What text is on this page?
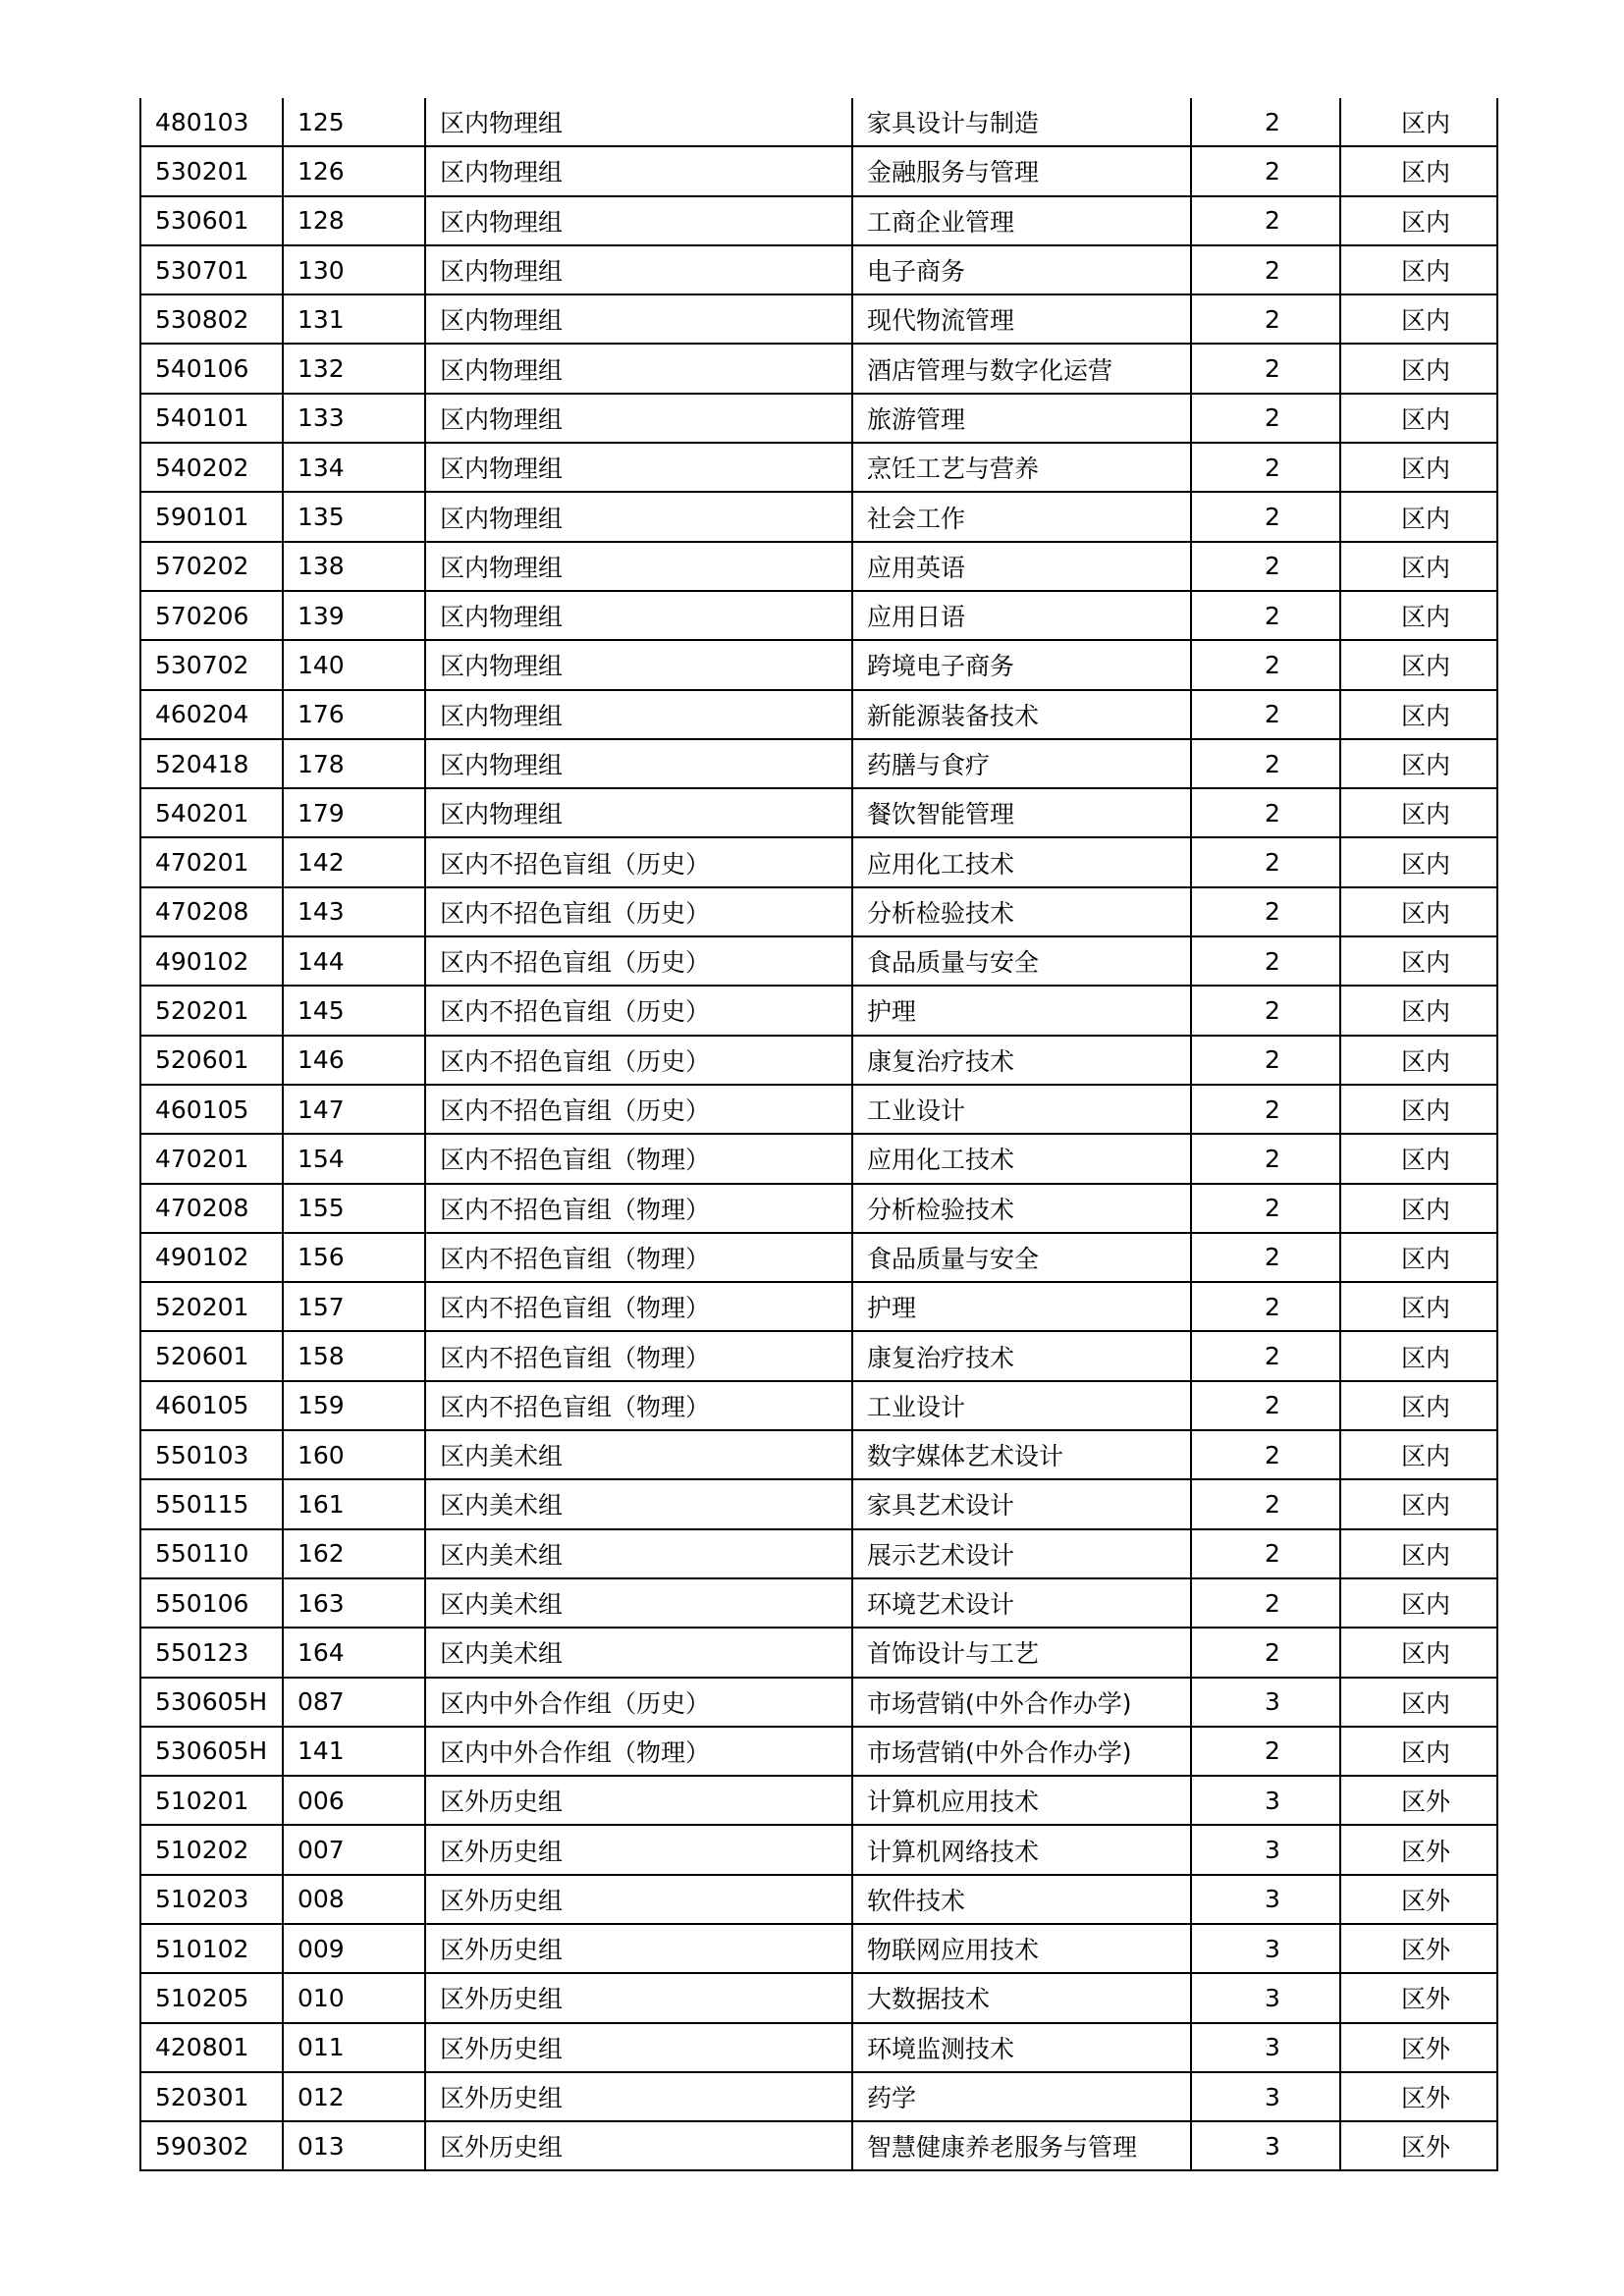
480103	125	区内物理组	家具设计与制造	2	区内
530201	126	区内物理组	金融服务与管理	2	区内
530601	128	区内物理组	工商企业管理	2	区内
530701	130	区内物理组	电子商务	2	区内
530802	131	区内物理组	现代物流管理	2	区内
540106	132	区内物理组	酒店管理与数字化运营	2	区内
540101	133	区内物理组	旅游管理	2	区内
540202	134	区内物理组	烹饪工艺与营养	2	区内
590101	135	区内物理组	社会工作	2	区内
570202	138	区内物理组	应用英语	2	区内
570206	139	区内物理组	应用日语	2	区内
530702	140	区内物理组	跨境电子商务	2	区内
460204	176	区内物理组	新能源装备技术	2	区内
520418	178	区内物理组	药膳与食疗	2	区内
540201	179	区内物理组	餐饮智能管理	2	区内
470201	142	区内不招色盲组（历史）	应用化工技术	2	区内
470208	143	区内不招色盲组（历史）	分析检验技术	2	区内
490102	144	区内不招色盲组（历史）	食品质量与安全	2	区内
520201	145	区内不招色盲组（历史）	护理	2	区内
520601	146	区内不招色盲组（历史）	康复治疗技术	2	区内
460105	147	区内不招色盲组（历史）	工业设计	2	区内
470201	154	区内不招色盲组（物理）	应用化工技术	2	区内
470208	155	区内不招色盲组（物理）	分析检验技术	2	区内
490102	156	区内不招色盲组（物理）	食品质量与安全	2	区内
520201	157	区内不招色盲组（物理）	护理	2	区内
520601	158	区内不招色盲组（物理）	康复治疗技术	2	区内
460105	159	区内不招色盲组（物理）	工业设计	2	区内
550103	160	区内美术组	数字媒体艺术设计	2	区内
550115	161	区内美术组	家具艺术设计	2	区内
550110	162	区内美术组	展示艺术设计	2	区内
550106	163	区内美术组	环境艺术设计	2	区内
550123	164	区内美术组	首饰设计与工艺	2	区内
530605H	087	区内中外合作组（历史）	市场营销(中外合作办学)	3	区内
530605H	141	区内中外合作组（物理）	市场营销(中外合作办学)	2	区内
510201	006	区外历史组	计算机应用技术	3	区外
510202	007	区外历史组	计算机网络技术	3	区外
510203	008	区外历史组	软件技术	3	区外
510102	009	区外历史组	物联网应用技术	3	区外
510205	010	区外历史组	大数据技术	3	区外
420801	011	区外历史组	环境监测技术	3	区外
520301	012	区外历史组	药学	3	区外
590302	013	区外历史组	智慧健康养老服务与管理	3	区外
